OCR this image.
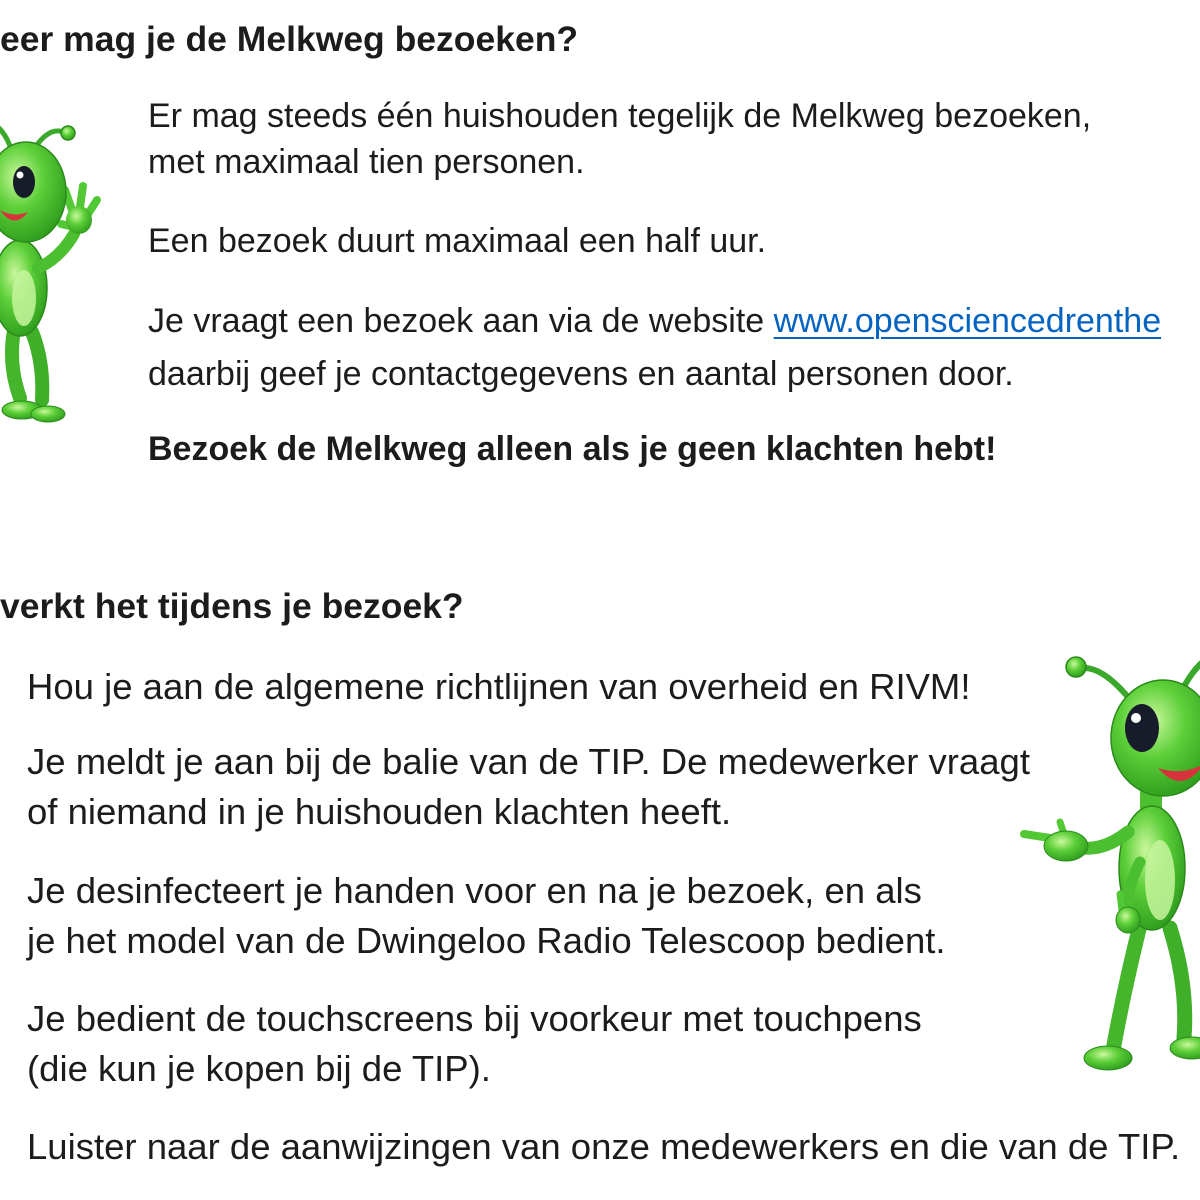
eer mag je de Melkweg bezoeken?

Er mag steeds één huishouden tegelijk de Melkweg bezoeken,

met maximaal tien personen.

Een bezoek duurt maximaal een half uur.

Je vraagt een bezoek aan via de website www.opensciencedrenthe

daarbij geef je contactgegevens en aantal personen door.

Bezoek de Melkweg alleen als je geen klachten hebt!

verkt het tijdens je bezoek?

Hou je aan de algemene richtlijnen van overheid en RIVM!

Je meldt je aan bij de balie van de TIP. De medewerker vraagt

of niemand in je huishouden klachten heeft.

Je desinfecteert je handen voor en na je bezoek, en als

je het model van de Dwingeloo Radio Telescoop bedient.

Je bedient de touchscreens bij voorkeur met touchpens

(die kun je kopen bij de TIP).

Luister naar de aanwijzingen van onze medewerkers en die van de TIP.
